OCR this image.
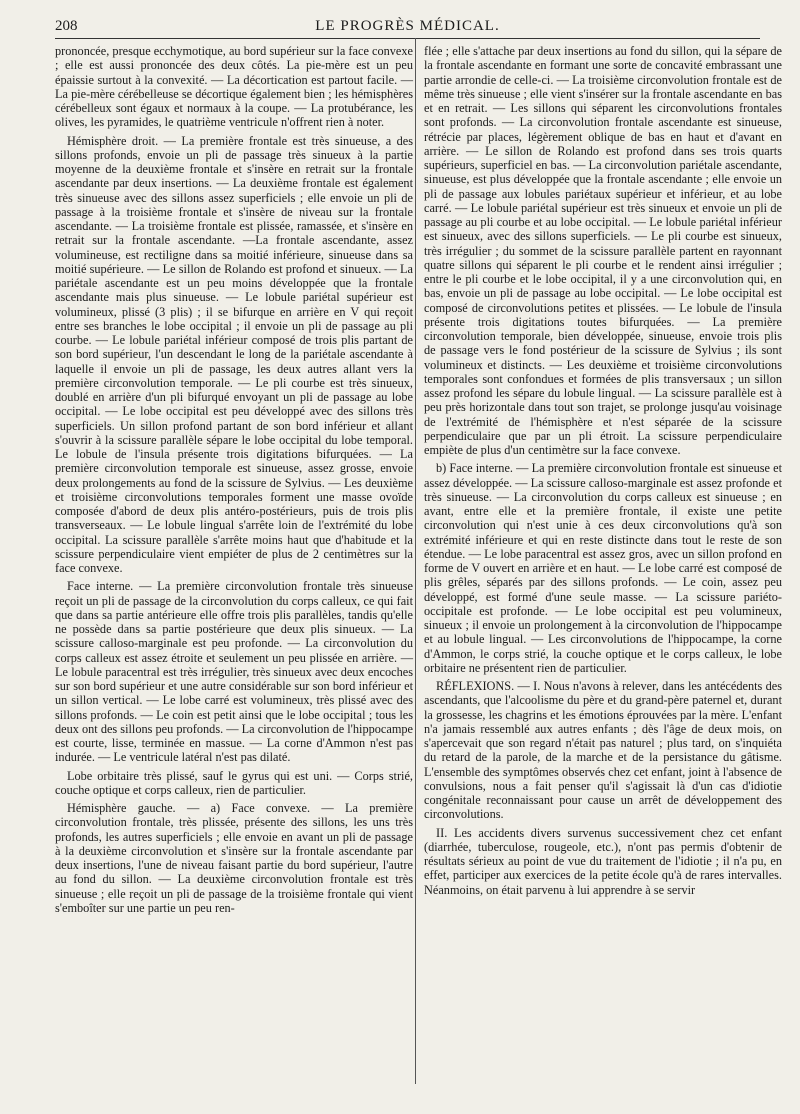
208	LE PROGRÈS MÉDICAL.

prononcée, presque ecchymotique, au bord supérieur sur la face convexe ; elle est aussi prononcée des deux côtés. La pie-mère est un peu épaissie surtout à la convexité. — La décortication est partout facile. — La pie-mère cérébelleuse se décortique également bien ; les hémisphères cérébelleux sont égaux et normaux à la coupe. — La protubérance, les olives, les pyramides, le quatrième ventricule n'offrent rien à noter.

Hémisphère droit. — La première frontale est très sinueuse, a des sillons profonds, envoie un pli de passage très sinueux à la partie moyenne de la deuxième frontale et s'insère en retrait sur la frontale ascendante par deux insertions. — La deuxième frontale est également très sinueuse avec des sillons assez superficiels ; elle envoie un pli de passage à la troisième frontale et s'insère de niveau sur la frontale ascendante. — La troisième frontale est plissée, ramassée, et s'insère en retrait sur la frontale ascendante. —La frontale ascendante, assez volumineuse, est rectiligne dans sa moitié inférieure, sinueuse dans sa moitié supérieure. — Le sillon de Rolando est profond et sinueux. — La pariétale ascendante est un peu moins développée que la frontale ascendante mais plus sinueuse. — Le lobule pariétal supérieur est volumineux, plissé (3 plis) ; il se bifurque en arrière en V qui reçoit entre ses branches le lobe occipital ; il envoie un pli de passage au pli courbe. — Le lobule pariétal inférieur composé de trois plis partant de son bord supérieur, l'un descendant le long de la pariétale ascendante à laquelle il envoie un pli de passage, les deux autres allant vers la première circonvolution temporale. — Le pli courbe est très sinueux, doublé en arrière d'un pli bifurqué envoyant un pli de passage au lobe occipital. — Le lobe occipital est peu développé avec des sillons très superficiels. Un sillon profond partant de son bord inférieur et allant s'ouvrir à la scissure parallèle sépare le lobe occipital du lobe temporal. Le lobule de l'insula présente trois digitations bifurquées. — La première circonvolution temporale est sinueuse, assez grosse, envoie deux prolongements au fond de la scissure de Sylvius. — Les deuxième et troisième circonvolutions temporales forment une masse ovoïde composée d'abord de deux plis antéro-postérieurs, puis de trois plis transverseaux. — Le lobule lingual s'arrête loin de l'extrémité du lobe occipital. La scissure parallèle s'arrête moins haut que d'habitude et la scissure perpendiculaire vient empiéter de plus de 2 centimètres sur la face convexe.

Face interne. — La première circonvolution frontale très sinueuse reçoit un pli de passage de la circonvolution du corps calleux, ce qui fait que dans sa partie antérieure elle offre trois plis parallèles, tandis qu'elle ne possède dans sa partie postérieure que deux plis sinueux. — La scissure calloso-marginale est peu profonde. — La circonvolution du corps calleux est assez étroite et seulement un peu plissée en arrière. — Le lobule paracentral est très irrégulier, très sinueux avec deux encoches sur son bord supérieur et une autre considérable sur son bord inférieur et un sillon vertical. — Le lobe carré est volumineux, très plissé avec des sillons profonds. — Le coin est petit ainsi que le lobe occipital ; tous les deux ont des sillons peu profonds. — La circonvolution de l'hippocampe est courte, lisse, terminée en massue. — La corne d'Ammon n'est pas indurée. — Le ventricule latéral n'est pas dilaté.

Lobe orbitaire très plissé, sauf le gyrus qui est uni. — Corps strié, couche optique et corps calleux, rien de particulier.

Hémisphère gauche. — a) Face convexe. — La première circonvolution frontale, très plissée, présente des sillons, les uns très profonds, les autres superficiels ; elle envoie en avant un pli de passage à la deuxième circonvolution et s'insère sur la frontale ascendante par deux insertions, l'une de niveau faisant partie du bord supérieur, l'autre au fond du sillon. — La deuxième circonvolution frontale est très sinueuse ; elle reçoit un pli de passage de la troisième frontale qui vient s'emboîter sur une partie un peu ren-

flée ; elle s'attache par deux insertions au fond du sillon, qui la sépare de la frontale ascendante en formant une sorte de concavité embrassant une partie arrondie de celle-ci. — La troisième circonvolution frontale est de même très sinueuse ; elle vient s'insérer sur la frontale ascendante en bas et en retrait. — Les sillons qui séparent les circonvolutions frontales sont profonds. — La circonvolution frontale ascendante est sinueuse, rétrécie par places, légèrement oblique de bas en haut et d'avant en arrière. — Le sillon de Rolando est profond dans ses trois quarts supérieurs, superficiel en bas. — La circonvolution pariétale ascendante, sinueuse, est plus développée que la frontale ascendante ; elle envoie un pli de passage aux lobules pariétaux supérieur et inférieur, et au lobe carré. — Le lobule pariétal supérieur est très sinueux et envoie un pli de passage au pli courbe et au lobe occipital. — Le lobule pariétal inférieur est sinueux, avec des sillons superficiels. — Le pli courbe est sinueux, très irrégulier ; du sommet de la scissure parallèle partent en rayonnant quatre sillons qui séparent le pli courbe et le rendent ainsi irrégulier ; entre le pli courbe et le lobe occipital, il y a une circonvolution qui, en bas, envoie un pli de passage au lobe occipital. — Le lobe occipital est composé de circonvolutions petites et plissées. — Le lobule de l'insula présente trois digitations toutes bifurquées. — La première circonvolution temporale, bien développée, sinueuse, envoie trois plis de passage vers le fond postérieur de la scissure de Sylvius ; ils sont volumineux et distincts. — Les deuxième et troisième circonvolutions temporales sont confondues et formées de plis transversaux ; un sillon assez profond les sépare du lobule lingual. — La scissure parallèle est à peu près horizontale dans tout son trajet, se prolonge jusqu'au voisinage de l'extrémité de l'hémisphère et n'est séparée de la scissure perpendiculaire que par un pli étroit. La scissure perpendiculaire empiète de plus d'un centimètre sur la face convexe.

b) Face interne. — La première circonvolution frontale est sinueuse et assez développée. — La scissure calloso-marginale est assez profonde et très sinueuse. — La circonvolution du corps calleux est sinueuse ; en avant, entre elle et la première frontale, il existe une petite circonvolution qui n'est unie à ces deux circonvolutions qu'à son extrémité inférieure et qui en reste distincte dans tout le reste de son étendue. — Le lobe paracentral est assez gros, avec un sillon profond en forme de V ouvert en arrière et en haut. — Le lobe carré est composé de plis grêles, séparés par des sillons profonds. — Le coin, assez peu développé, est formé d'une seule masse. — La scissure pariéto-occipitale est profonde. — Le lobe occipital est peu volumineux, sinueux ; il envoie un prolongement à la circonvolution de l'hippocampe et au lobule lingual. — Les circonvolutions de l'hippocampe, la corne d'Ammon, le corps strié, la couche optique et le corps calleux, le lobe orbitaire ne présentent rien de particulier.

RÉFLEXIONS. — I. Nous n'avons à relever, dans les antécédents des ascendants, que l'alcoolisme du père et du grand-père paternel et, durant la grossesse, les chagrins et les émotions éprouvées par la mère. L'enfant n'a jamais ressemblé aux autres enfants ; dès l'âge de deux mois, on s'apercevait que son regard n'était pas naturel ; plus tard, on s'inquiéta du retard de la parole, de la marche et de la persistance du gâtisme. L'ensemble des symptômes observés chez cet enfant, joint à l'absence de convulsions, nous a fait penser qu'il s'agissait là d'un cas d'idiotie congénitale reconnaissant pour cause un arrêt de développement des circonvolutions.

II. Les accidents divers survenus successivement chez cet enfant (diarrhée, tuberculose, rougeole, etc.), n'ont pas permis d'obtenir de résultats sérieux au point de vue du traitement de l'idiotie ; il n'a pu, en effet, participer aux exercices de la petite école qu'à de rares intervalles. Néanmoins, on était parvenu à lui apprendre à se servir
